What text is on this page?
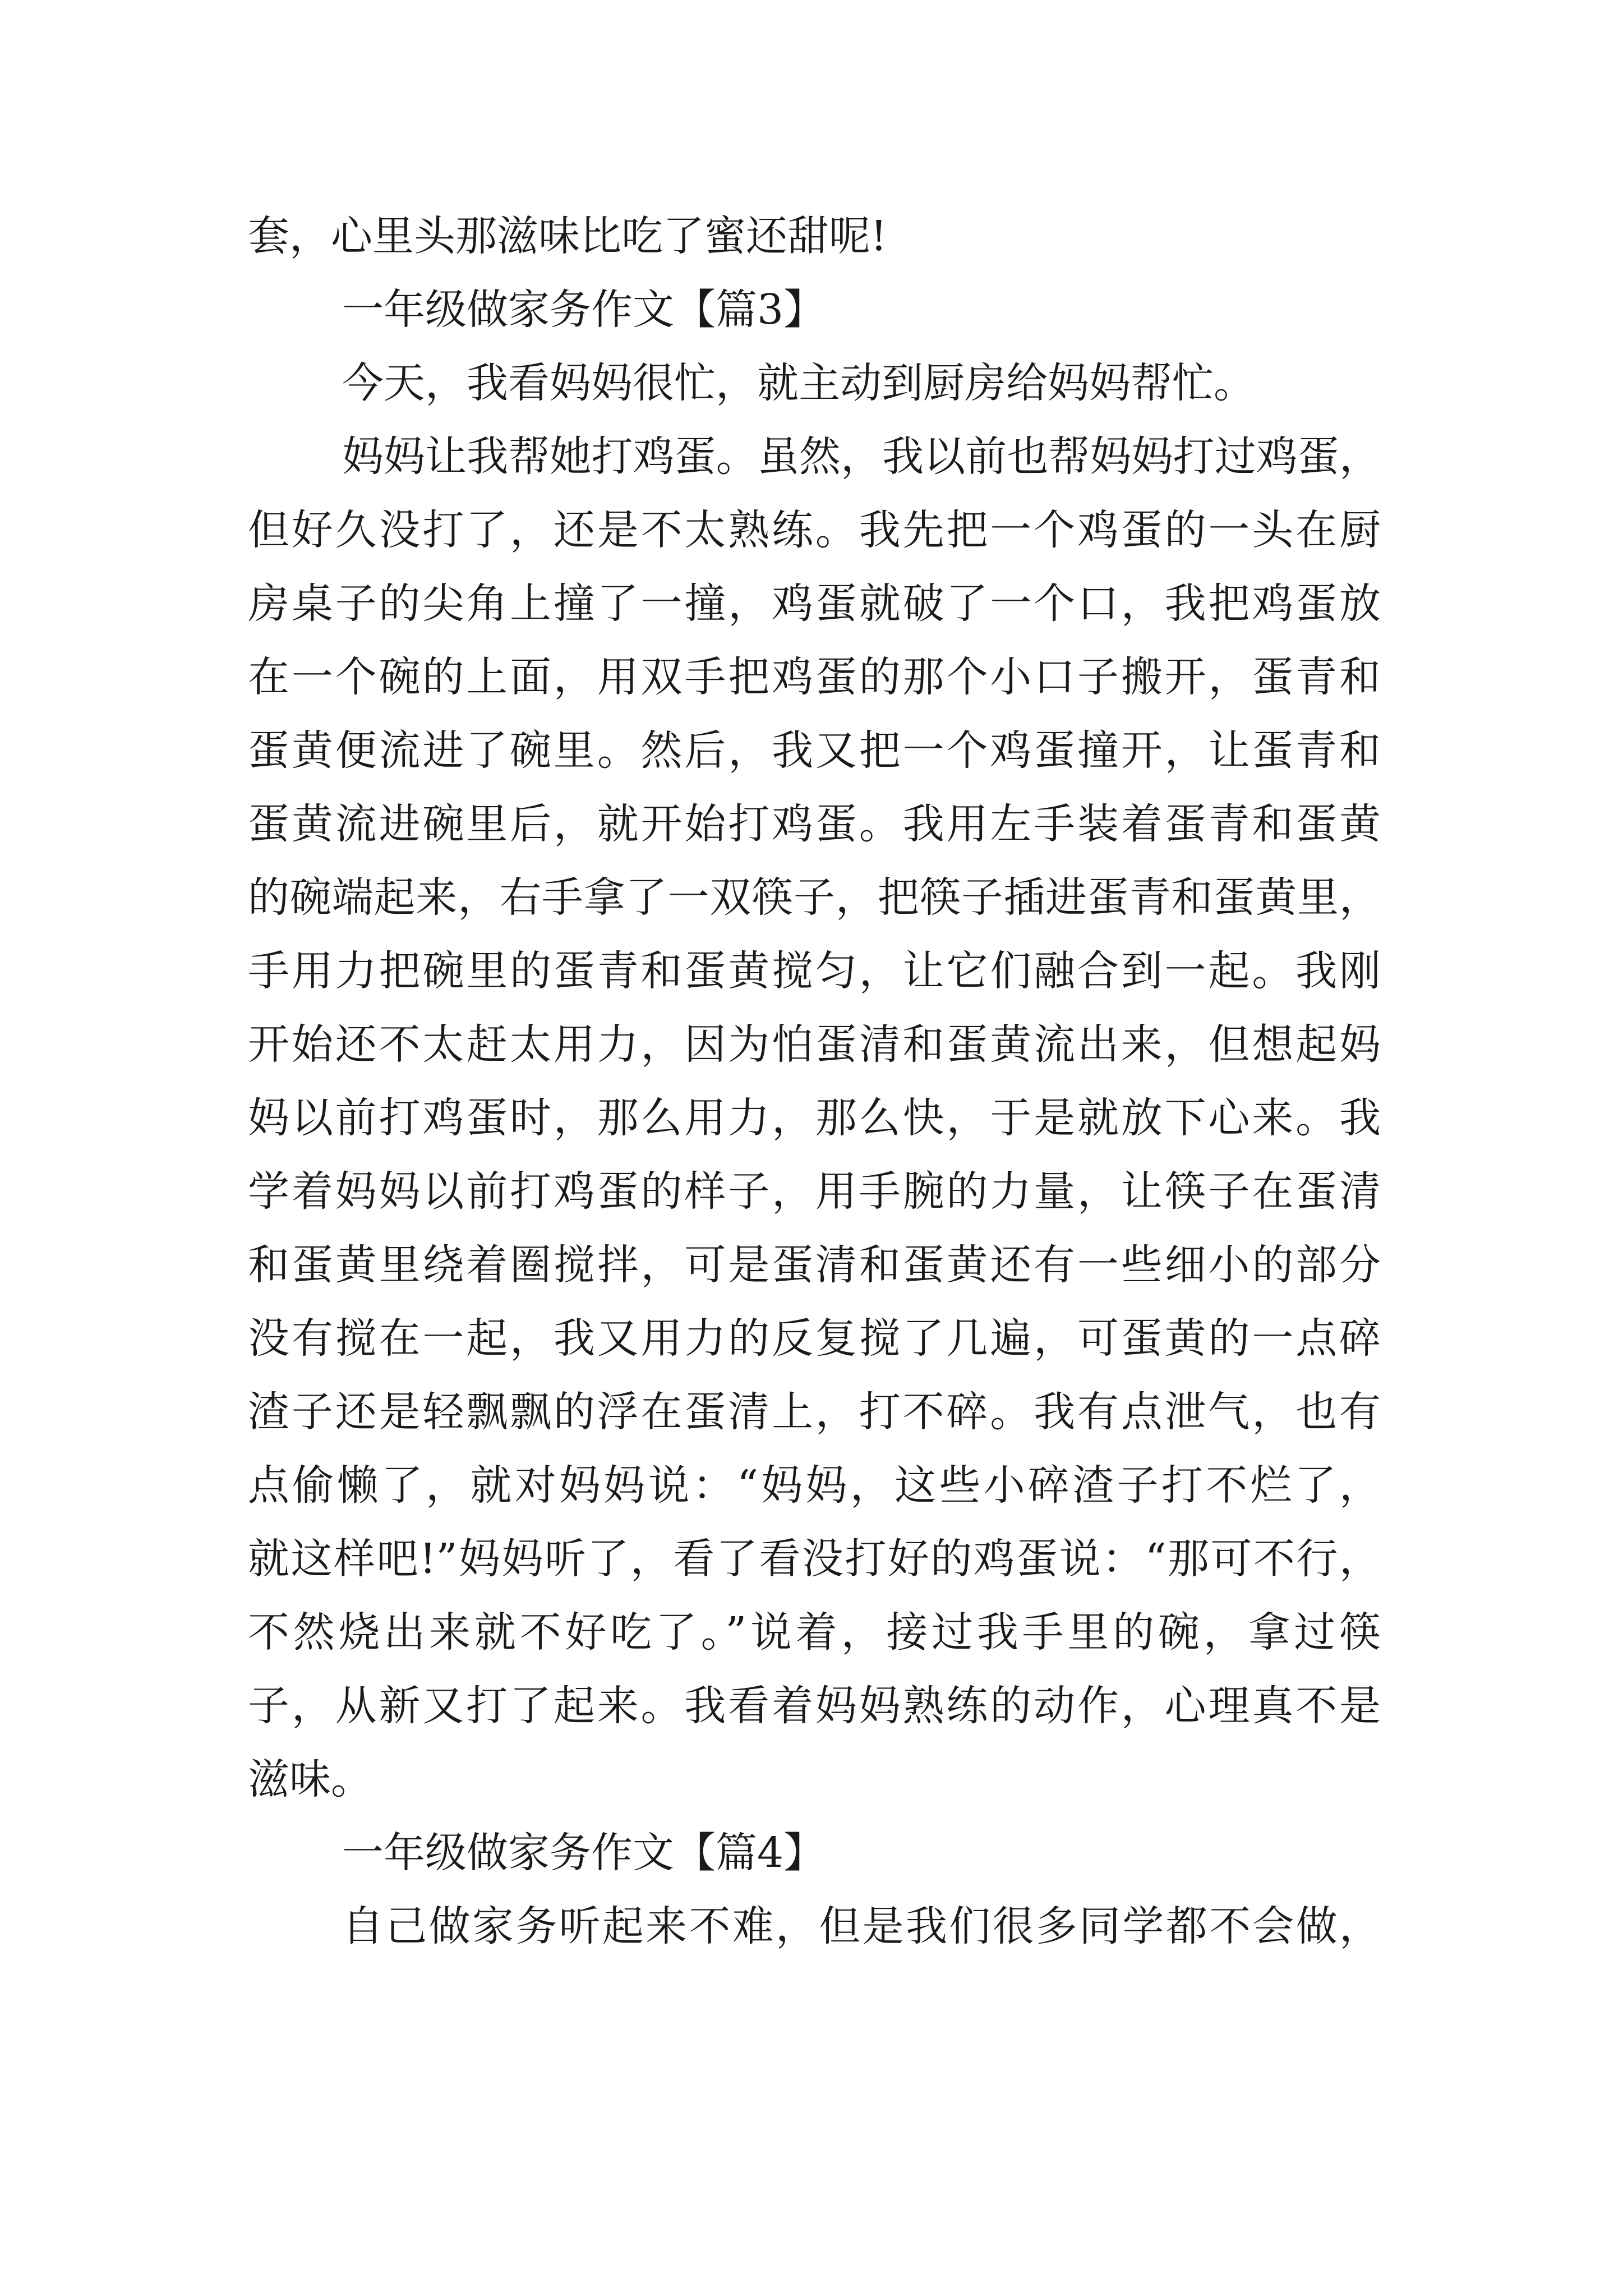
套，心里头那滋味比吃了蜜还甜呢!
一年级做家务作文【篇3】
今天，我看妈妈很忙，就主动到厨房给妈妈帮忙。
妈妈让我帮她打鸡蛋。虽然，我以前也帮妈妈打过鸡蛋，
但好久没打了，还是不太熟练。我先把一个鸡蛋的一头在厨
房桌子的尖角上撞了一撞，鸡蛋就破了一个口，我把鸡蛋放
在一个碗的上面，用双手把鸡蛋的那个小口子搬开，蛋青和
蛋黄便流进了碗里。然后，我又把一个鸡蛋撞开，让蛋青和
蛋黄流进碗里后，就开始打鸡蛋。我用左手装着蛋青和蛋黄
的碗端起来，右手拿了一双筷子，把筷子插进蛋青和蛋黄里，
手用力把碗里的蛋青和蛋黄搅匀，让它们融合到一起。我刚
开始还不太赶太用力，因为怕蛋清和蛋黄流出来，但想起妈
妈以前打鸡蛋时，那么用力，那么快，于是就放下心来。我
学着妈妈以前打鸡蛋的样子，用手腕的力量，让筷子在蛋清
和蛋黄里绕着圈搅拌，可是蛋清和蛋黄还有一些细小的部分
没有搅在一起，我又用力的反复搅了几遍，可蛋黄的一点碎
渣子还是轻飘飘的浮在蛋清上，打不碎。我有点泄气，也有
点偷懒了，就对妈妈说：“妈妈，这些小碎渣子打不烂了，
就这样吧!”妈妈听了，看了看没打好的鸡蛋说：“那可不行，
不然烧出来就不好吃了。”说着，接过我手里的碗，拿过筷
子，从新又打了起来。我看着妈妈熟练的动作，心理真不是
滋味。
一年级做家务作文【篇4】
自己做家务听起来不难，但是我们很多同学都不会做，
